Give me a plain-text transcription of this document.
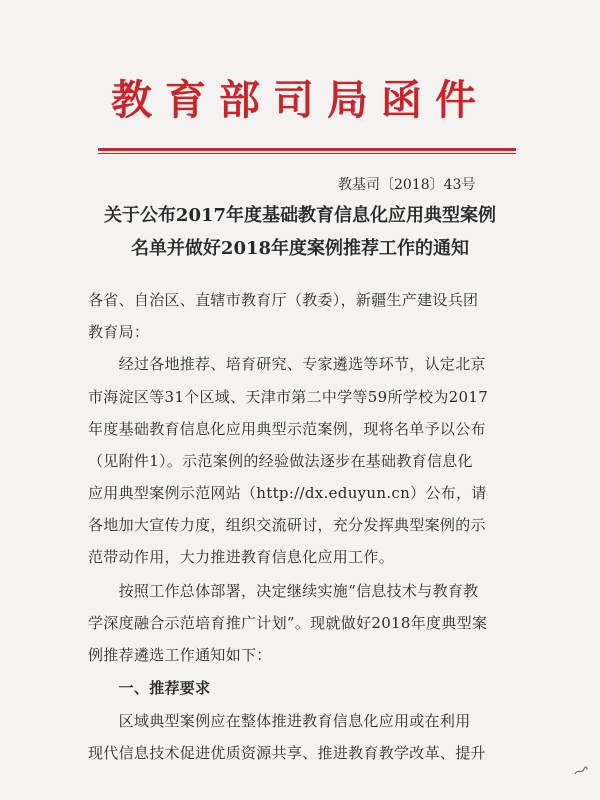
教育部司局函件
教基司〔2018〕43号
关于公布2017年度基础教育信息化应用典型案例
名单并做好2018年度案例推荐工作的通知
各省、自治区、直辖市教育厅（教委），新疆生产建设兵团
教育局：
　　经过各地推荐、培育研究、专家遴选等环节，认定北京
市海淀区等31个区域、天津市第二中学等59所学校为2017
年度基础教育信息化应用典型示范案例，现将名单予以公布
（见附件1）。示范案例的经验做法逐步在基础教育信息化
应用典型案例示范网站（http://dx.eduyun.cn）公布，请
各地加大宣传力度，组织交流研讨，充分发挥典型案例的示
范带动作用，大力推进教育信息化应用工作。
　　按照工作总体部署，决定继续实施“信息技术与教育教
学深度融合示范培育推广计划”。现就做好2018年度典型案
例推荐遴选工作通知如下：
　　一、推荐要求
　　区域典型案例应在整体推进教育信息化应用或在利用
现代信息技术促进优质资源共享、推进教育教学改革、提升
